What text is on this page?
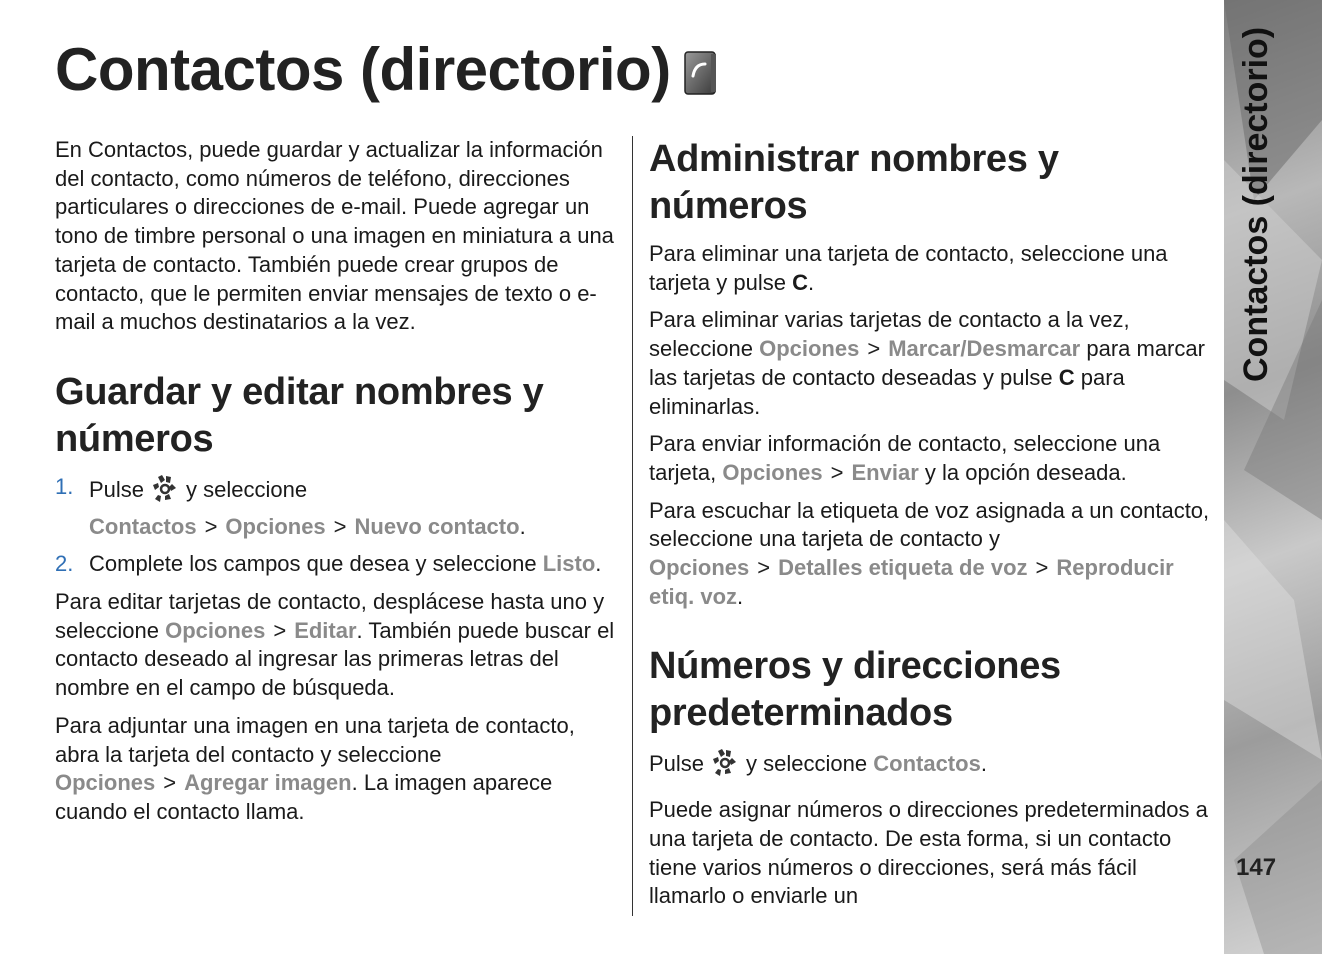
Contactos (directorio)

En Contactos, puede guardar y actualizar la información del contacto, como números de teléfono, direcciones particulares o direcciones de e-mail. Puede agregar un tono de timbre personal o una imagen en miniatura a una tarjeta de contacto. También puede crear grupos de contacto, que le permiten enviar mensajes de texto o e-mail a muchos destinatarios a la vez.

Guardar y editar nombres y números
1. Pulse y seleccione Contactos > Opciones > Nuevo contacto.
2. Complete los campos que desea y seleccione Listo.

Para editar tarjetas de contacto, desplácese hasta uno y seleccione Opciones > Editar. También puede buscar el contacto deseado al ingresar las primeras letras del nombre en el campo de búsqueda.

Para adjuntar una imagen en una tarjeta de contacto, abra la tarjeta del contacto y seleccione Opciones > Agregar imagen. La imagen aparece cuando el contacto llama.

Administrar nombres y números

Para eliminar una tarjeta de contacto, seleccione una tarjeta y pulse C.

Para eliminar varias tarjetas de contacto a la vez, seleccione Opciones > Marcar/Desmarcar para marcar las tarjetas de contacto deseadas y pulse C para eliminarlas.

Para enviar información de contacto, seleccione una tarjeta, Opciones > Enviar y la opción deseada.

Para escuchar la etiqueta de voz asignada a un contacto, seleccione una tarjeta de contacto y Opciones > Detalles etiqueta de voz > Reproducir etiq. voz.

Números y direcciones predeterminados

Pulse y seleccione Contactos.

Puede asignar números o direcciones predeterminados a una tarjeta de contacto. De esta forma, si un contacto tiene varios números o direcciones, será más fácil llamarlo o enviarle un

Contactos (directorio)
147
